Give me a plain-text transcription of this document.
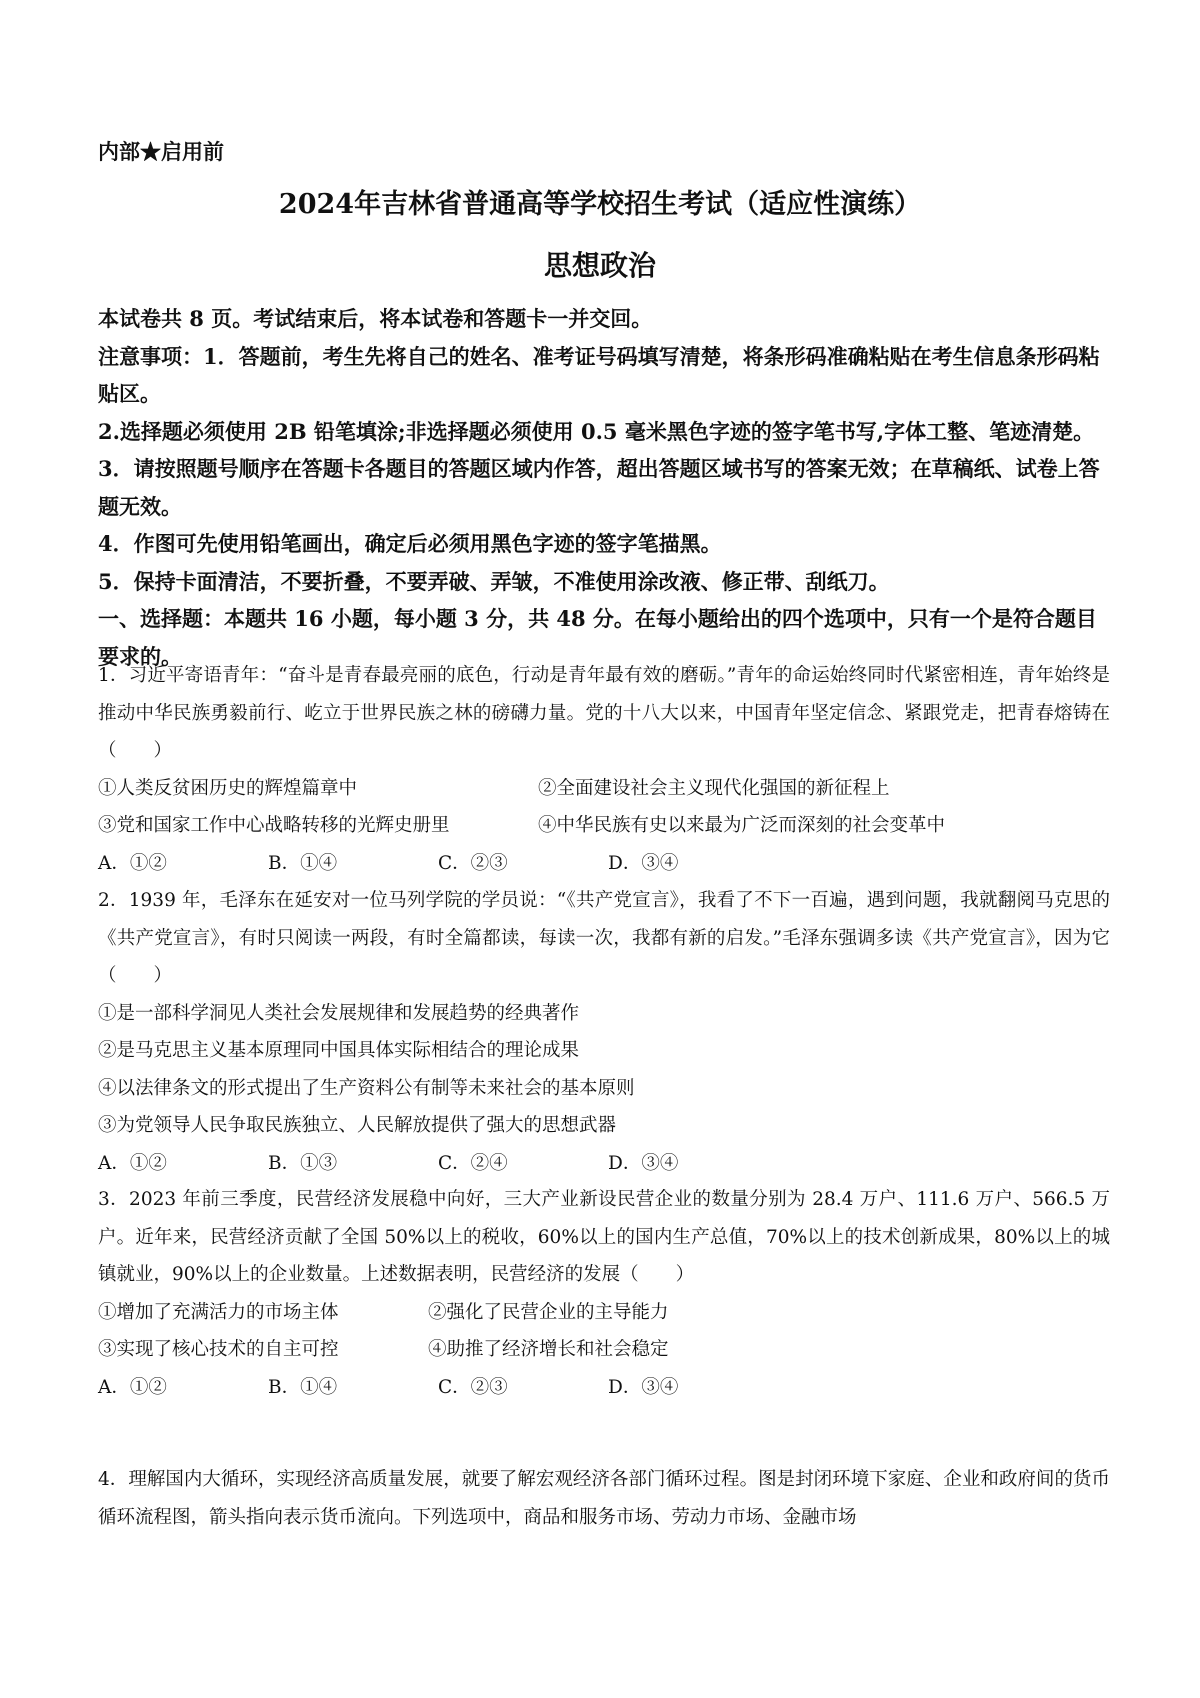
内部★启用前
2024年吉林省普通高等学校招生考试（适应性演练）
思想政治

本试卷共 8 页。考试结束后，将本试卷和答题卡一并交回。

注意事项：1．答题前，考生先将自己的姓名、准考证号码填写清楚，将条形码准确粘贴在考生信息条形码粘贴区。

2.选择题必须使用 2B 铅笔填涂;非选择题必须使用 0.5 毫米黑色字迹的签字笔书写,字体工整、笔迹清楚。

3．请按照题号顺序在答题卡各题目的答题区域内作答，超出答题区域书写的答案无效；在草稿纸、试卷上答题无效。

4．作图可先使用铅笔画出，确定后必须用黑色字迹的签字笔描黑。

5．保持卡面清洁，不要折叠，不要弄破、弄皱，不准使用涂改液、修正带、刮纸刀。

一、选择题：本题共 16 小题，每小题 3 分，共 48 分。在每小题给出的四个选项中，只有一个是符合题目要求的。

1．习近平寄语青年：“奋斗是青春最亮丽的底色，行动是青年最有效的磨砺。”青年的命运始终同时代紧密相连，青年始终是推动中华民族勇毅前行、屹立于世界民族之林的磅礴力量。党的十八大以来，中国青年坚定信念、紧跟党走，把青春熔铸在（　　）

①人类反贫困历史的辉煌篇章中	②全面建设社会主义现代化强国的新征程上
③党和国家工作中心战略转移的光辉史册里	④中华民族有史以来最为广泛而深刻的社会变革中
A．①②	B．①④	C．②③	D．③④

2．1939 年，毛泽东在延安对一位马列学院的学员说：“《共产党宣言》，我看了不下一百遍，遇到问题，我就翻阅马克思的《共产党宣言》，有时只阅读一两段，有时全篇都读，每读一次，我都有新的启发。”毛泽东强调多读《共产党宣言》，因为它（　　）

①是一部科学洞见人类社会发展规律和发展趋势的经典著作

②是马克思主义基本原理同中国具体实际相结合的理论成果

④以法律条文的形式提出了生产资料公有制等未来社会的基本原则

③为党领导人民争取民族独立、人民解放提供了强大的思想武器

A．①②	B．①③	C．②④	D．③④

3．2023 年前三季度，民营经济发展稳中向好，三大产业新设民营企业的数量分别为 28.4 万户、111.6 万户、566.5 万户。近年来，民营经济贡献了全国 50%以上的税收，60%以上的国内生产总值，70%以上的技术创新成果，80%以上的城镇就业，90%以上的企业数量。上述数据表明，民营经济的发展（　　）

①增加了充满活力的市场主体	②强化了民营企业的主导能力
③实现了核心技术的自主可控	④助推了经济增长和社会稳定
A．①②	B．①④	C．②③	D．③④

4．理解国内大循环，实现经济高质量发展，就要了解宏观经济各部门循环过程。图是封闭环境下家庭、企业和政府间的货币循环流程图，箭头指向表示货币流向。下列选项中，商品和服务市场、劳动力市场、金融市场
